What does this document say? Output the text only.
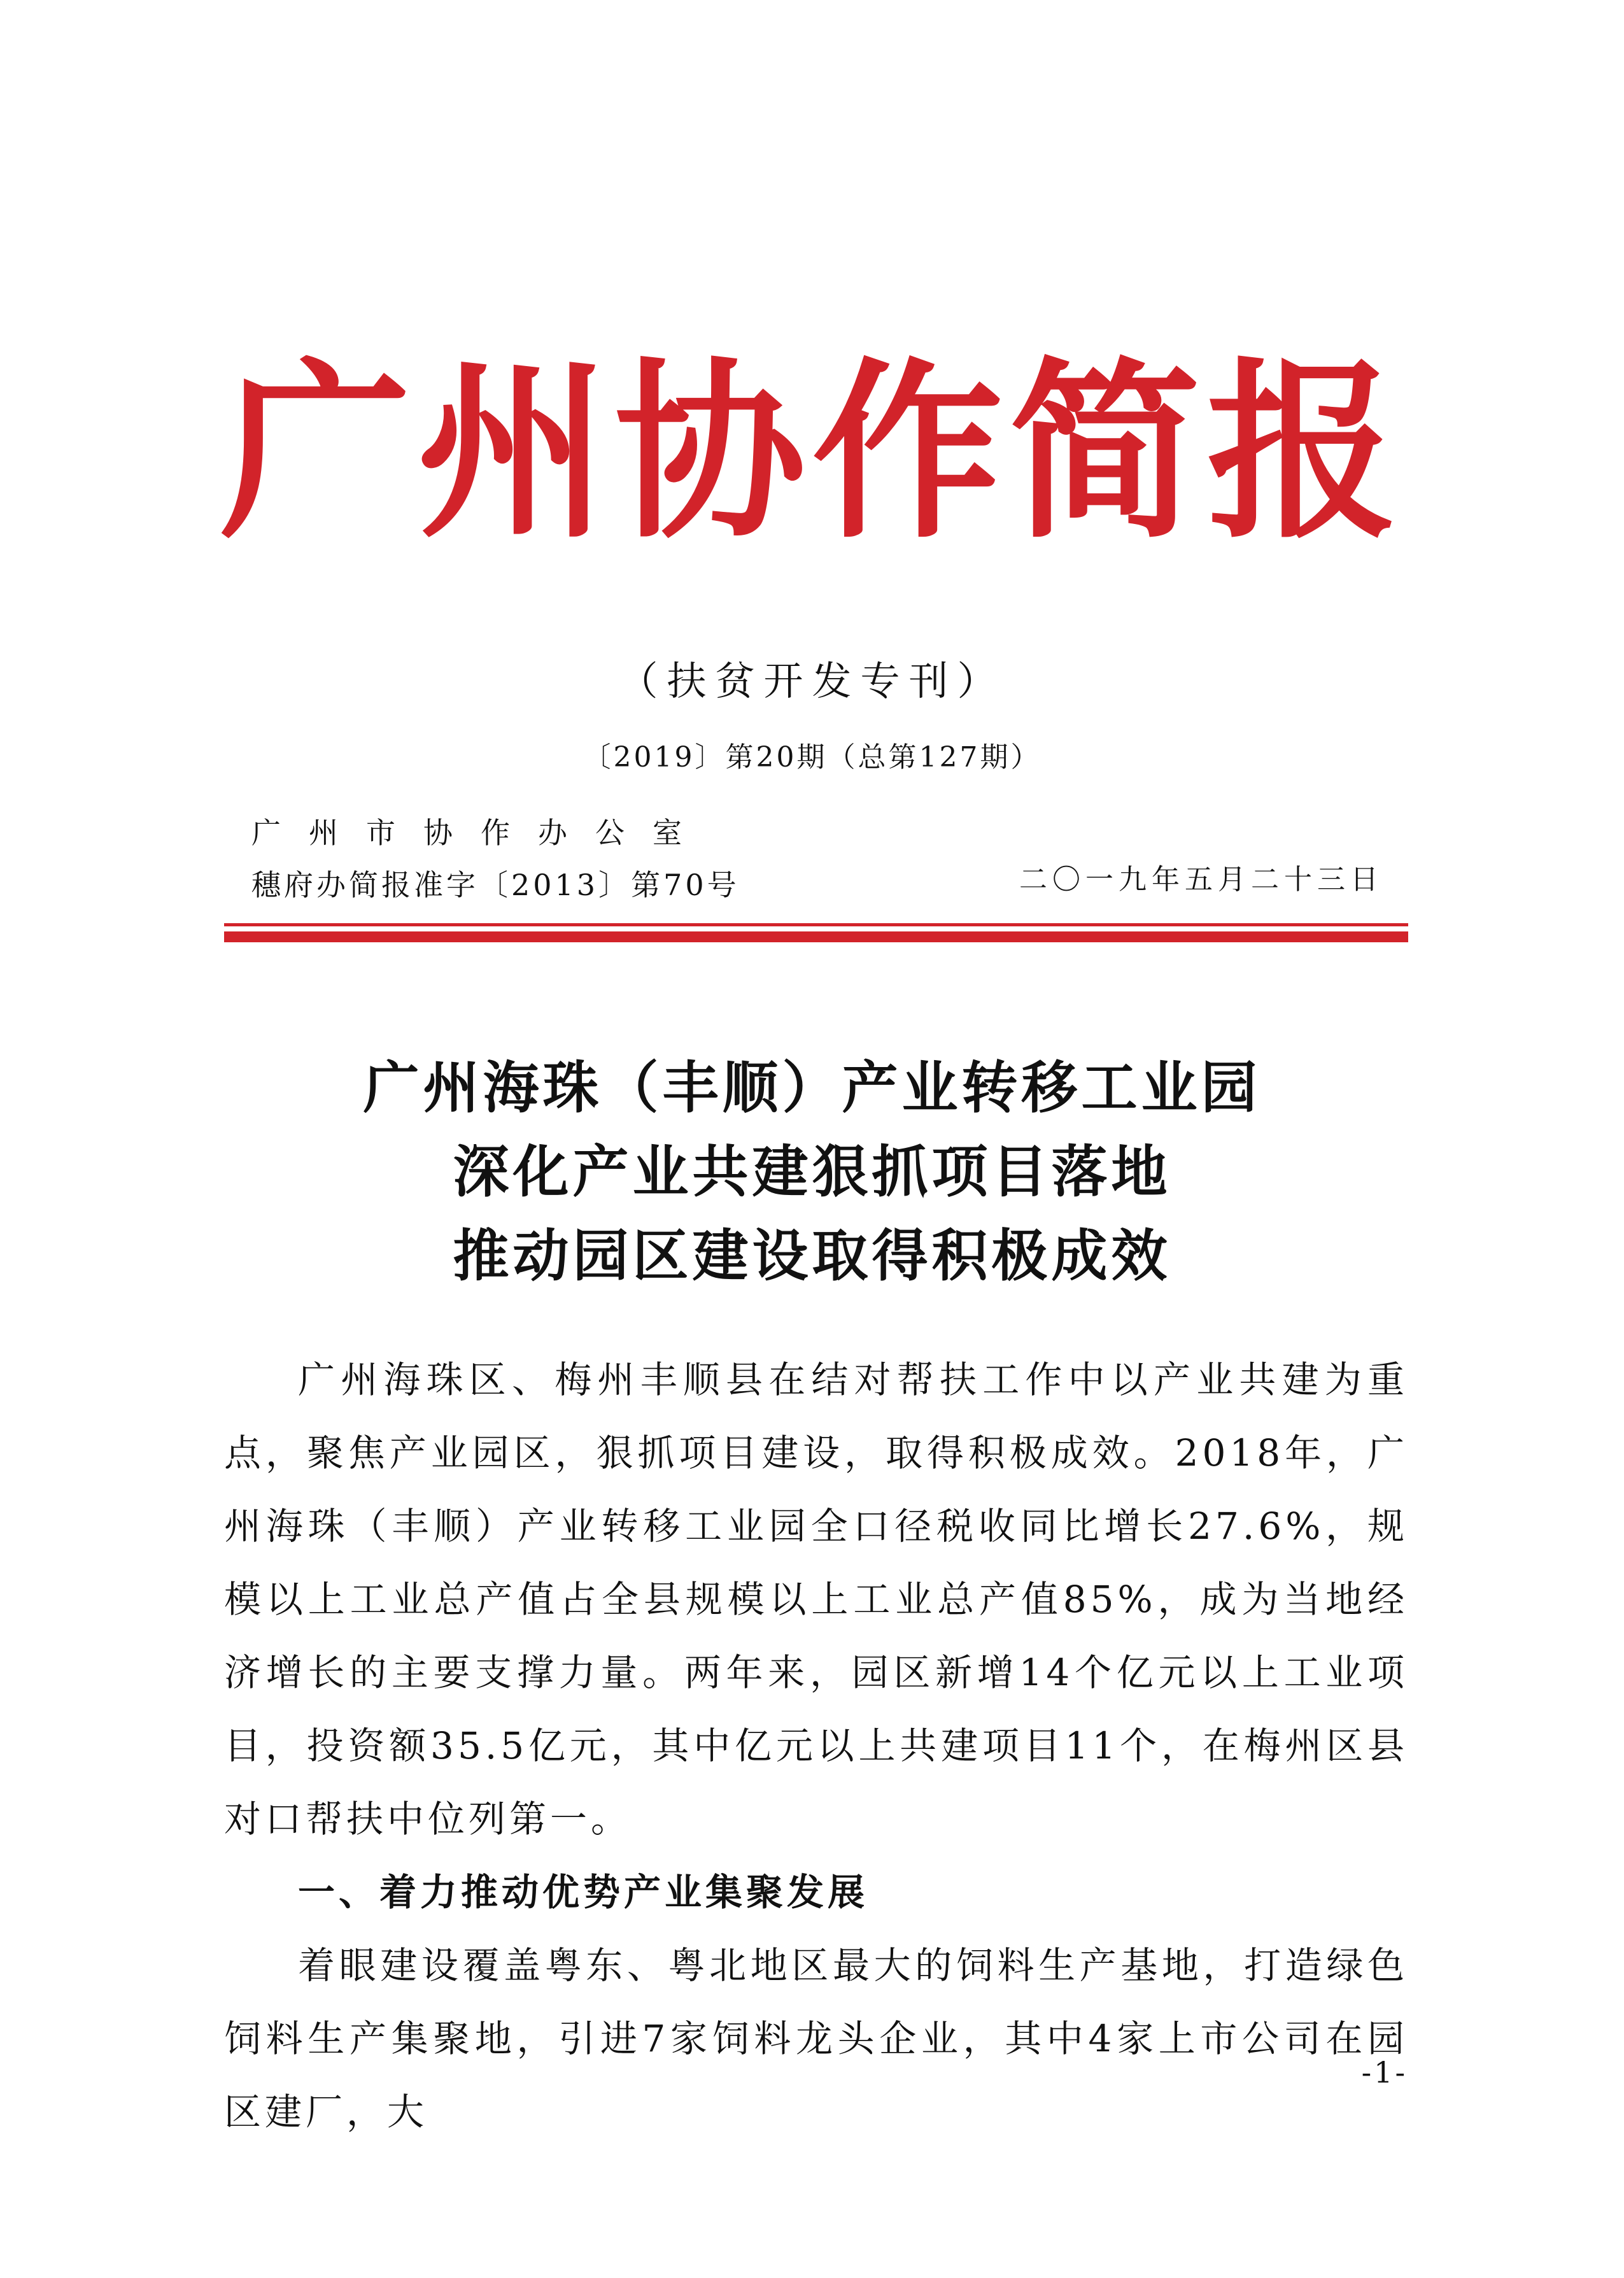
广州协作简报
（扶贫开发专刊）
〔2019〕第20期（总第127期）
广州市协作办公室
穗府办简报准字〔2013〕第70号	二〇一九年五月二十三日
广州海珠（丰顺）产业转移工业园
深化产业共建狠抓项目落地
推动园区建设取得积极成效

广州海珠区、梅州丰顺县在结对帮扶工作中以产业共建为重点，聚焦产业园区，狠抓项目建设，取得积极成效。2018年，广州海珠（丰顺）产业转移工业园全口径税收同比增长27.6%，规模以上工业总产值占全县规模以上工业总产值85%，成为当地经济增长的主要支撑力量。两年来，园区新增14个亿元以上工业项目，投资额35.5亿元，其中亿元以上共建项目11个，在梅州区县对口帮扶中位列第一。

一、着力推动优势产业集聚发展

着眼建设覆盖粤东、粤北地区最大的饲料生产基地，打造绿色饲料生产集聚地，引进7家饲料龙头企业，其中4家上市公司在园区建厂，大

-1-
